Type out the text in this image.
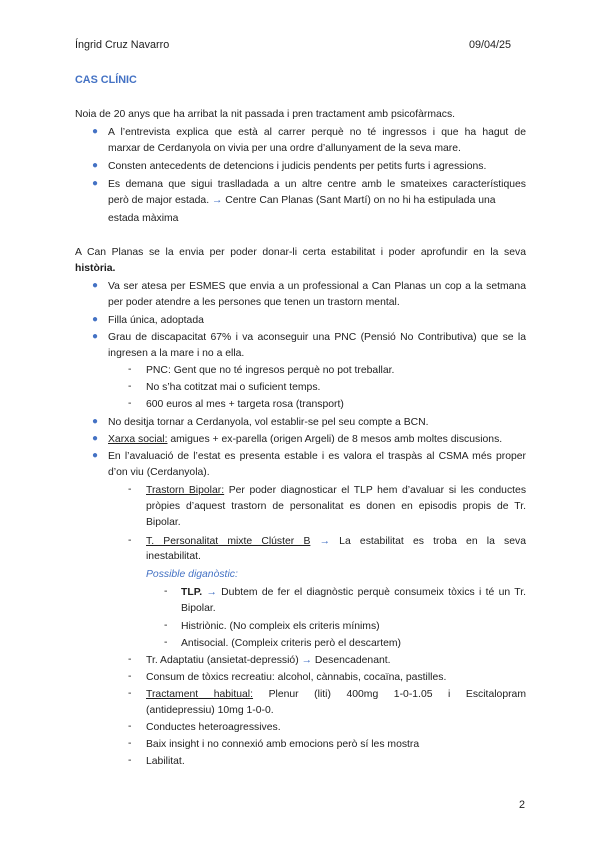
Íngrid Cruz Navarro	09/04/25
CAS CLÍNIC
Noia de 20 anys que ha arribat la nit passada i pren tractament amb psicofàrmacs.
● A l’entrevista explica que està al carrer perquè no té ingressos i que ha hagut de
marxar de Cerdanyola on vivia per una ordre d’allunyament de la seva mare.
● Consten antecedents de detencions i judicis pendents per petits furts i agressions.
● Es demana que sigui traslladada a un altre centre amb le smateixes característiques
però de major estada. → Centre Can Planas (Sant Martí) on no hi ha estipulada una
estada màxima
A Can Planas se la envia per poder donar-li certa estabilitat i poder aprofundir en la seva
història.
● Va ser atesa per ESMES que envia a un professional a Can Planas un cop a la setmana
per poder atendre a les persones que tenen un trastorn mental.
● Filla única, adoptada
● Grau de discapacitat 67% i va aconseguir una PNC (Pensió No Contributiva) que se la
ingresen a la mare i no a ella.
- PNC: Gent que no té ingresos perquè no pot treballar.
- No s’ha cotitzat mai o suficient temps.
- 600 euros al mes + targeta rosa (transport)
● No desitja tornar a Cerdanyola, vol establir-se pel seu compte a BCN.
● Xarxa social: amigues + ex-parella (origen Argeli) de 8 mesos amb moltes discusions.
● En l’avaluació de l’estat es presenta estable i es valora el traspàs al CSMA més proper
d’on viu (Cerdanyola).
- Trastorn Bipolar: Per poder diagnosticar el TLP hem d’avaluar si les conductes
pròpies d’aquest trastorn de personalitat es donen en episodis propis de Tr.
Bipolar.
- T. Personalitat mixte Clúster B → La estabilitat es troba en la seva
inestabilitat.
Possible diganòstic:
- TLP. → Dubtem de fer el diagnòstic perquè consumeix tòxics i té un Tr.
Bipolar.
- Histriònic. (No compleix els criteris mínims)
- Antisocial. (Compleix criteris però el descartem)
- Tr. Adaptatiu (ansietat-depressió) → Desencadenant.
- Consum de tòxics recreatiu: alcohol, cànnabis, cocaïna, pastilles.
- Tractament habitual: Plenur (liti) 400mg 1-0-1.05 i Escitalopram
(antidepressiu) 10mg 1-0-0.
- Conductes heteroagressives.
- Baix insight i no connexió amb emocions però sí les mostra
- Labilitat.
2
